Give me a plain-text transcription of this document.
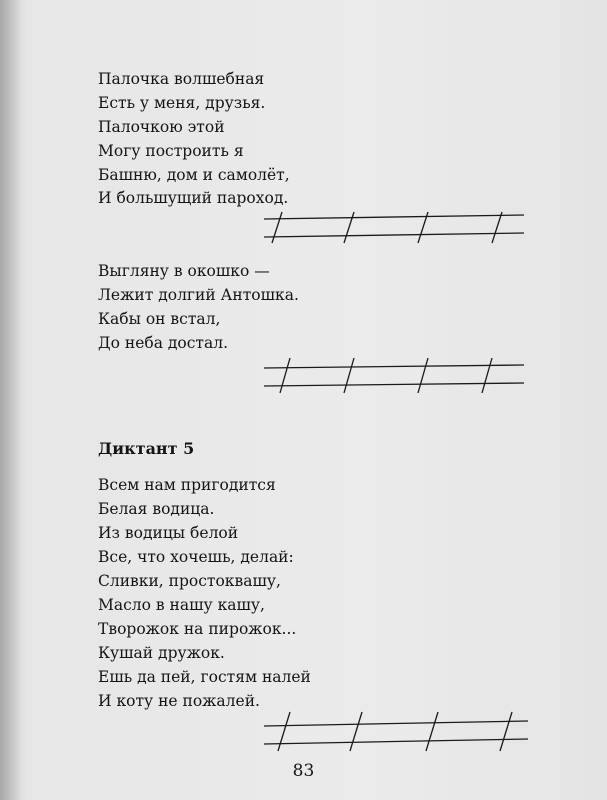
Палочка волшебная
Есть у меня, друзья.
Палочкою этой
Могу построить я
Башню, дом и самолёт,
И большущий пароход.
Выгляну в окошко —
Лежит долгий Антошка.
Кабы он встал,
До неба достал.
Диктант 5
Всем нам пригодится
Белая водица.
Из водицы белой
Все, что хочешь, делай:
Сливки, простоквашу,
Масло в нашу кашу,
Творожок на пирожок...
Кушай дружок.
Ешь да пей, гостям налей
И коту не пожалей.
83
